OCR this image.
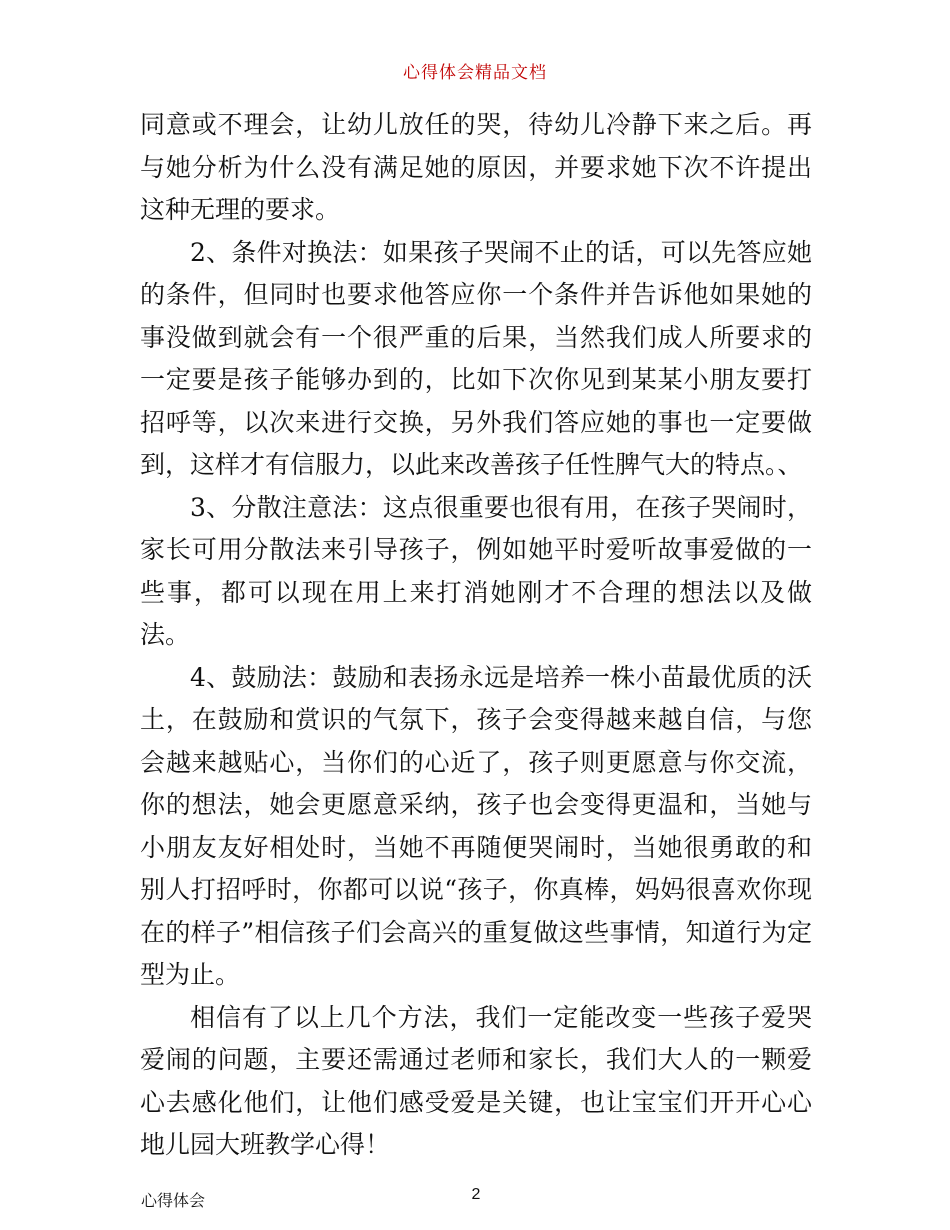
心得体会精品文档

同意或不理会，让幼儿放任的哭，待幼儿冷静下来之后。再与她分析为什么没有满足她的原因，并要求她下次不许提出这种无理的要求。

2、条件对换法：如果孩子哭闹不止的话，可以先答应她的条件，但同时也要求他答应你一个条件并告诉他如果她的事没做到就会有一个很严重的后果，当然我们成人所要求的一定要是孩子能够办到的，比如下次你见到某某小朋友要打招呼等，以次来进行交换，另外我们答应她的事也一定要做到，这样才有信服力，以此来改善孩子任性脾气大的特点。、

3、分散注意法：这点很重要也很有用，在孩子哭闹时，家长可用分散法来引导孩子，例如她平时爱听故事爱做的一些事，都可以现在用上来打消她刚才不合理的想法以及做法。

4、鼓励法：鼓励和表扬永远是培养一株小苗最优质的沃土，在鼓励和赏识的气氛下，孩子会变得越来越自信，与您会越来越贴心，当你们的心近了，孩子则更愿意与你交流，你的想法，她会更愿意采纳，孩子也会变得更温和，当她与小朋友友好相处时，当她不再随便哭闹时，当她很勇敢的和别人打招呼时，你都可以说“孩子，你真棒，妈妈很喜欢你现在的样子”相信孩子们会高兴的重复做这些事情，知道行为定型为止。

相信有了以上几个方法，我们一定能改变一些孩子爱哭爱闹的问题，主要还需通过老师和家长，我们大人的一颗爱心去感化他们，让他们感受爱是关键，也让宝宝们开开心心地儿园大班教学心得！

心得体会	2
